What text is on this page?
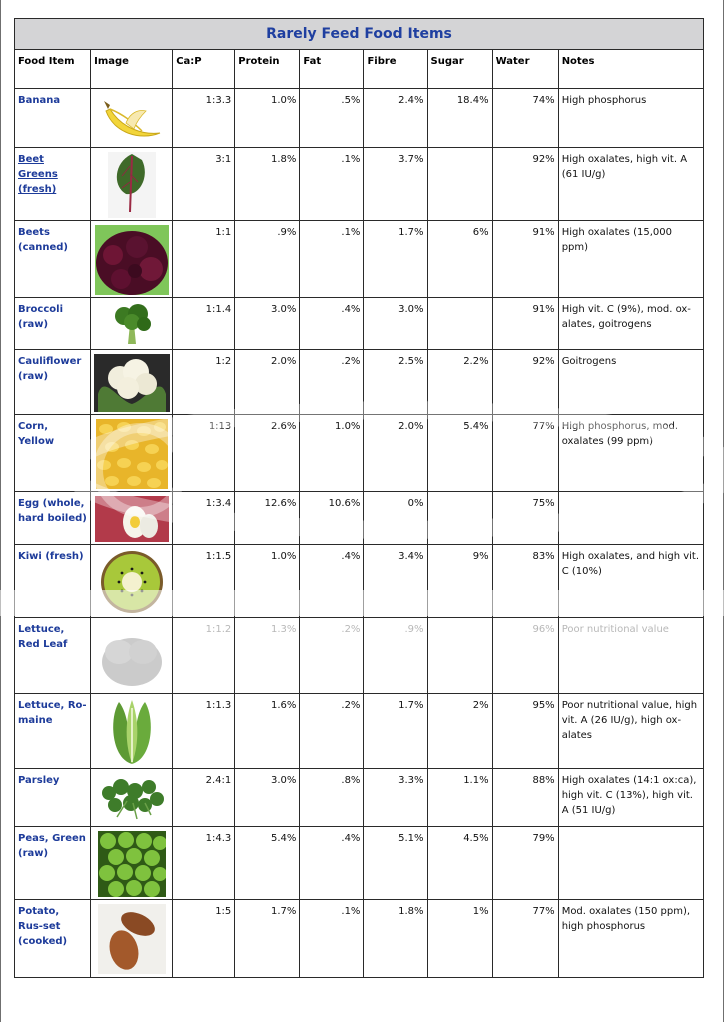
Rarely Feed Food Items								
Food Item	Image	Ca:P	Protein	Fat	Fibre	Sugar	Water	Notes
Banana		1:3.3	1.0%	.5%	2.4%	18.4%	74%	High phosphorus
Beet Greens (fresh)		3:1	1.8%	.1%	3.7%		92%	High oxalates, high vit. A (61 IU/g)
Beets (canned)		1:1	.9%	.1%	1.7%	6%	91%	High oxalates (15,000 ppm)
Broccoli (raw)		1:1.4	3.0%	.4%	3.0%		91%	High vit. C (9%), mod. ox-alates, goitrogens
Cauliflower (raw)		1:2	2.0%	.2%	2.5%	2.2%	92%	Goitrogens
Corn, Yellow		1:13	2.6%	1.0%	2.0%	5.4%	77%	High phosphorus, mod. oxalates (99 ppm)
Egg (whole, hard boiled)		1:3.4	12.6%	10.6%	0%		75%	
Kiwi (fresh)		1:1.5	1.0%	.4%	3.4%	9%	83%	High oxalates, and high vit. C (10%)
Lettuce, Red Leaf		1:1.2	1.3%	.2%	.9%		96%	Poor nutritional value
Lettuce, Ro-maine		1:1.3	1.6%	.2%	1.7%	2%	95%	Poor nutritional value, high vit. A (26 IU/g), high ox-alates
Parsley		2.4:1	3.0%	.8%	3.3%	1.1%	88%	High oxalates (14:1 ox:ca), high vit. C (13%), high vit. A (51 IU/g)
Peas, Green (raw)		1:4.3	5.4%	.4%	5.1%	4.5%	79%	
Potato, Rus-set (cooked)		1:5	1.7%	.1%	1.8%	1%	77%	Mod. oxalates (150 ppm), high phosphorus
